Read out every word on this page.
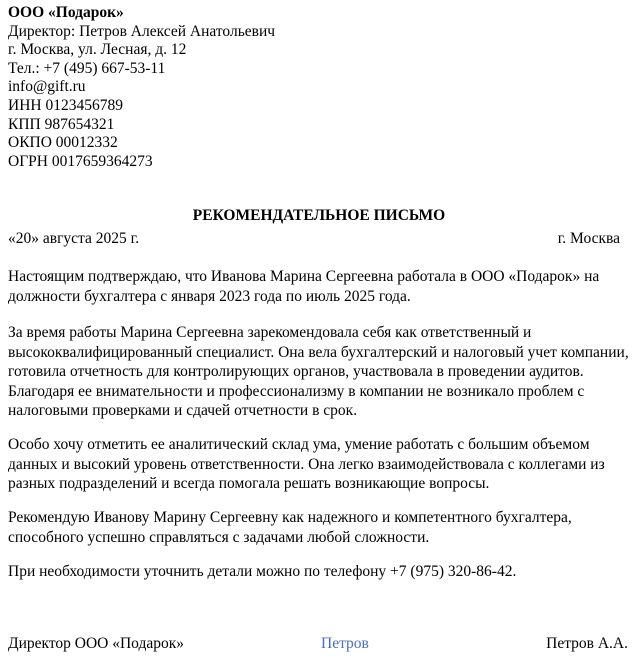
ООО «Подарок»
Директор: Петров Алексей Анатольевич
г. Москва, ул. Лесная, д. 12
Тел.: +7 (495) 667-53-11
info@gift.ru
ИНН 0123456789
КПП 987654321
ОКПО 00012332
ОГРН 0017659364273
РЕКОМЕНДАТЕЛЬНОЕ ПИСЬМО
«20» августа 2025 г.	г. Москва

Настоящим подтверждаю, что Иванова Марина Сергеевна работала в ООО «Подарок» на должности бухгалтера с января 2023 года по июль 2025 года.

За время работы Марина Сергеевна зарекомендовала себя как ответственный и высококвалифицированный специалист. Она вела бухгалтерский и налоговый учет компании, готовила отчетность для контролирующих органов, участвовала в проведении аудитов. Благодаря ее внимательности и профессионализму в компании не возникало проблем с налоговыми проверками и сдачей отчетности в срок.

Особо хочу отметить ее аналитический склад ума, умение работать с большим объемом данных и высокий уровень ответственности. Она легко взаимодействовала с коллегами из разных подразделений и всегда помогала решать возникающие вопросы.

Рекомендую Иванову Марину Сергеевну как надежного и компетентного бухгалтера, способного успешно справляться с задачами любой сложности.

При необходимости уточнить детали можно по телефону +7 (975) 320-86-42.

Директор ООО «Подарок»	Петров	Петров А.А.
